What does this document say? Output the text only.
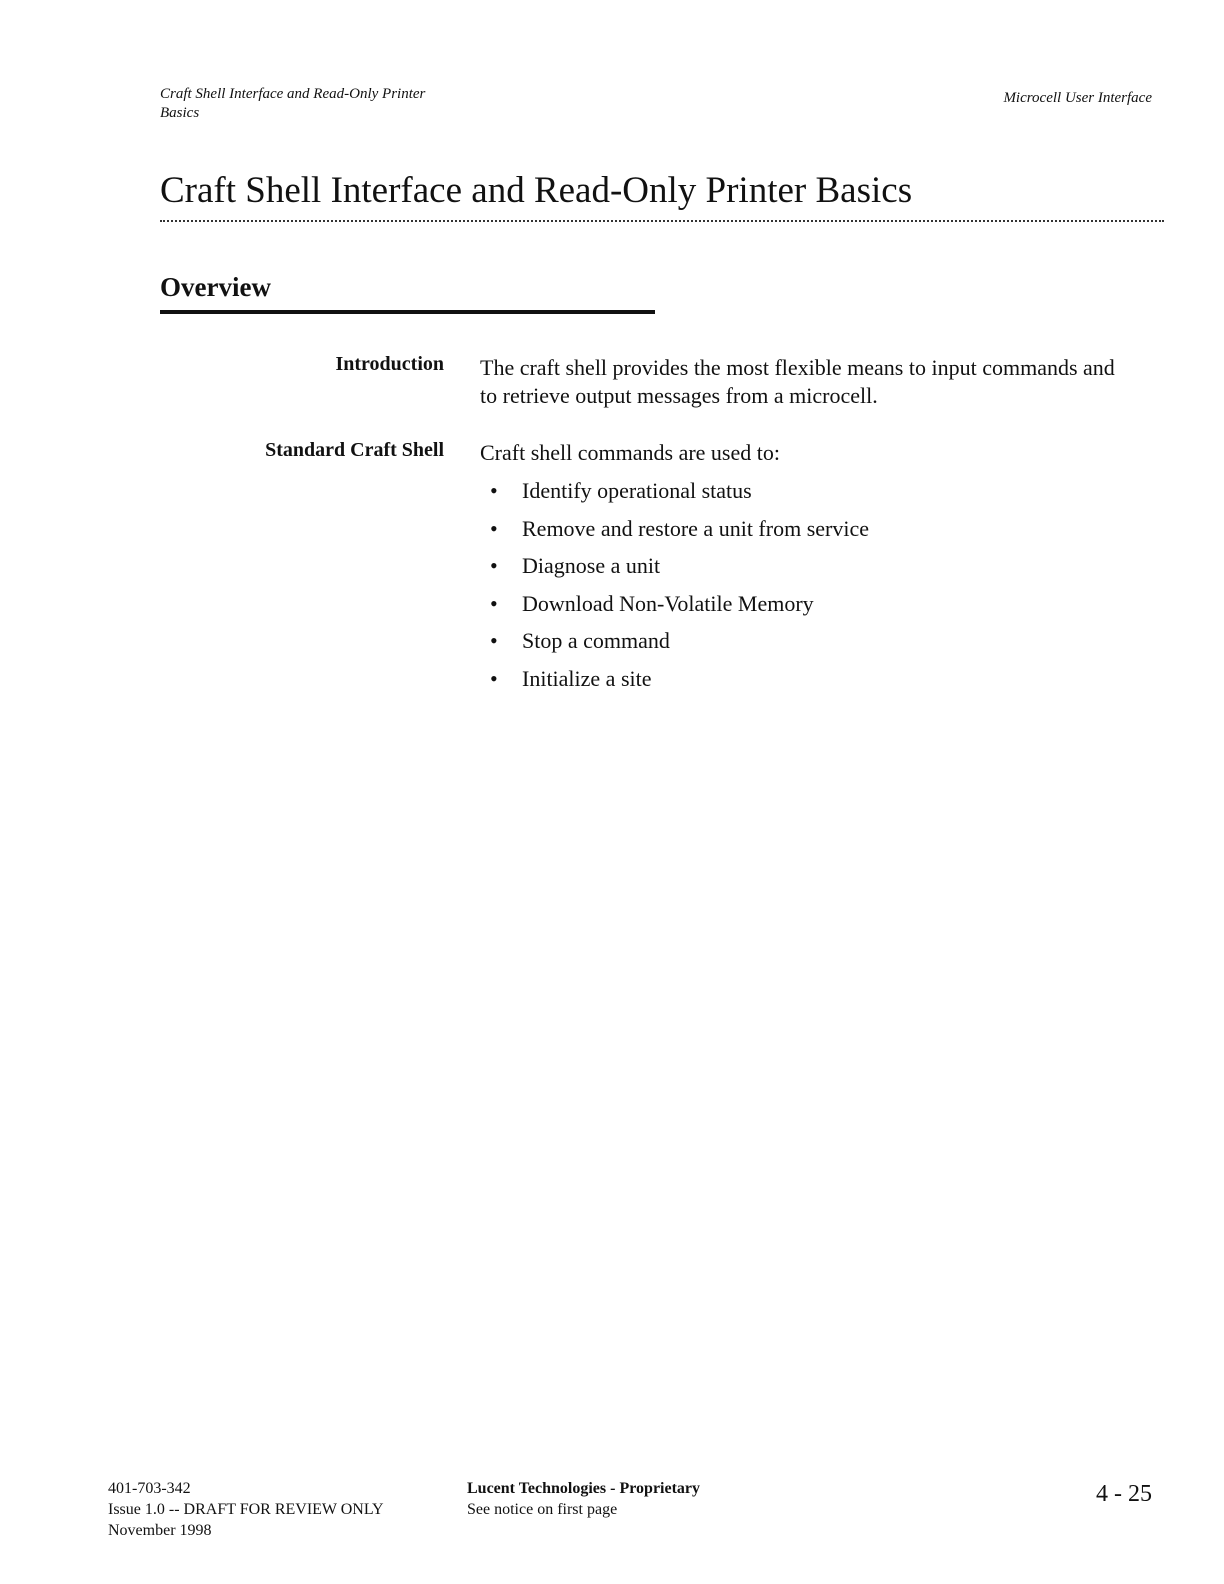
Craft Shell Interface and Read-Only Printer
Basics
Microcell User Interface
Craft Shell Interface and Read-Only Printer Basics
Overview
Introduction The craft shell provides the most flexible means to input commands and
to retrieve output messages from a microcell.
Standard Craft Shell Craft shell commands are used to:
• Identify operational status
• Remove and restore a unit from service
• Diagnose a unit
• Download Non-Volatile Memory
• Stop a command
• Initialize a site
401-703-342
Issue 1.0 -- DRAFT FOR REVIEW ONLY
November 1998
Lucent Technologies - Proprietary
See notice on first page
4 - 25
